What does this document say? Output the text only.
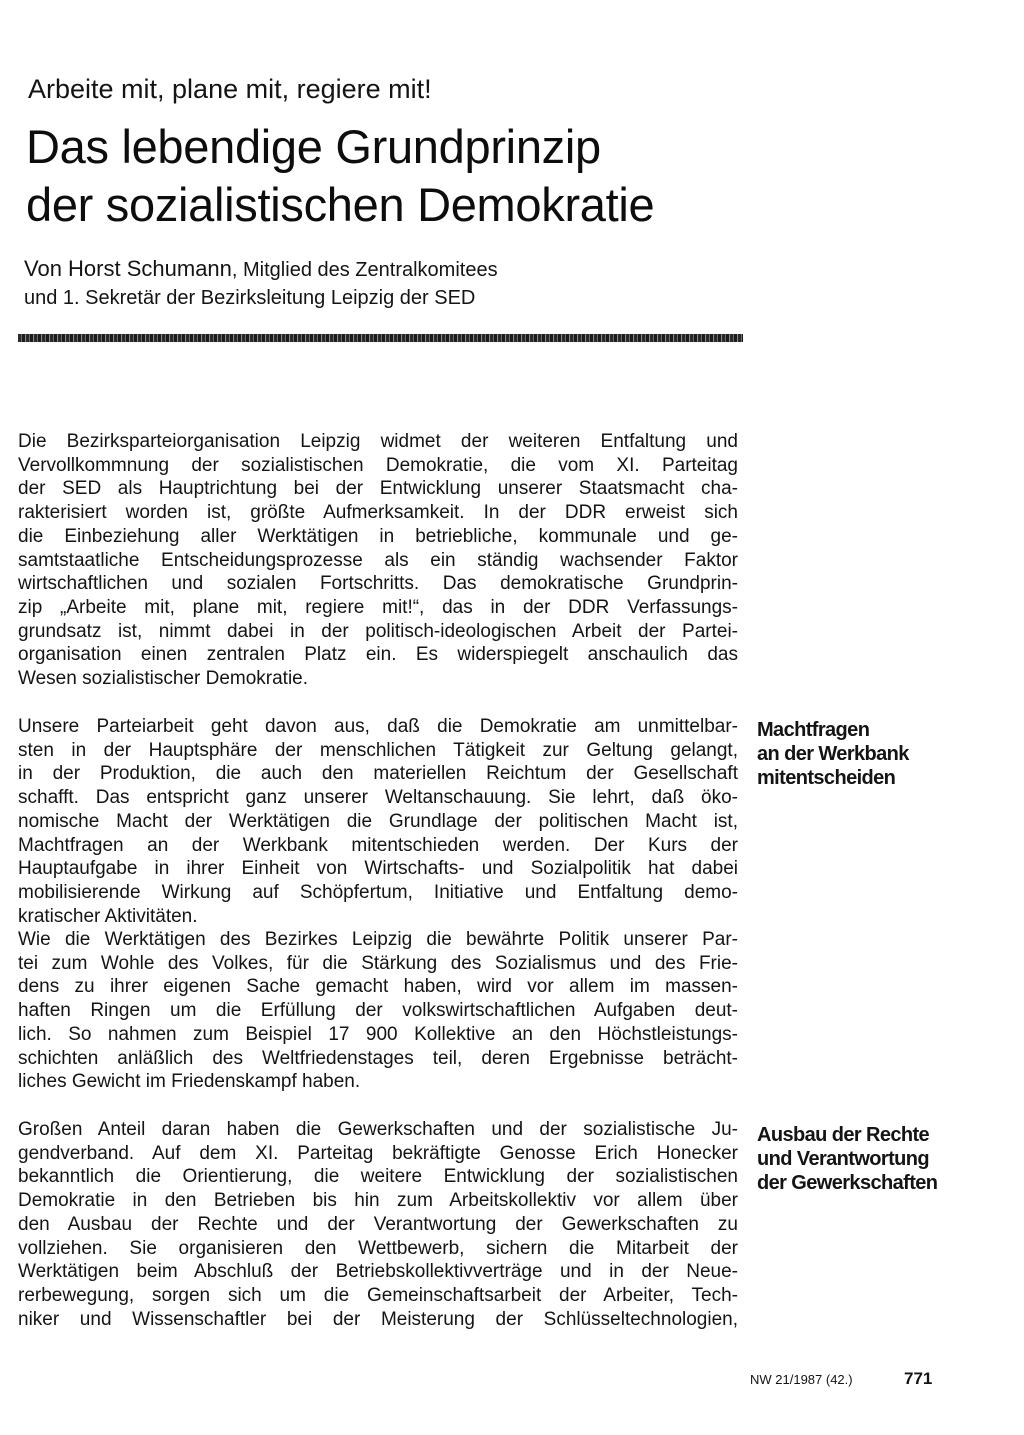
Arbeite mit, plane mit, regiere mit!
Das lebendige Grundprinzip
der sozialistischen Demokratie
Von Horst Schumann, Mitglied des Zentralkomitees
und 1. Sekretär der Bezirksleitung Leipzig der SED

Die Bezirksparteiorganisation Leipzig widmet der weiteren Entfaltung und
Vervollkommnung der sozialistischen Demokratie, die vom XI. Parteitag
der SED als Hauptrichtung bei der Entwicklung unserer Staatsmacht cha-
rakterisiert worden ist, größte Aufmerksamkeit. In der DDR erweist sich
die Einbeziehung aller Werktätigen in betriebliche, kommunale und ge-
samtstaatliche Entscheidungsprozesse als ein ständig wachsender Faktor
wirtschaftlichen und sozialen Fortschritts. Das demokratische Grundprin-
zip „Arbeite mit, plane mit, regiere mit!“, das in der DDR Verfassungs-
grundsatz ist, nimmt dabei in der politisch-ideologischen Arbeit der Partei-
organisation einen zentralen Platz ein. Es widerspiegelt anschaulich das
Wesen sozialistischer Demokratie.

Unsere Parteiarbeit geht davon aus, daß die Demokratie am unmittelbar-
sten in der Hauptsphäre der menschlichen Tätigkeit zur Geltung gelangt,
in der Produktion, die auch den materiellen Reichtum der Gesellschaft
schafft. Das entspricht ganz unserer Weltanschauung. Sie lehrt, daß öko-
nomische Macht der Werktätigen die Grundlage der politischen Macht ist,
Machtfragen an der Werkbank mitentschieden werden. Der Kurs der
Hauptaufgabe in ihrer Einheit von Wirtschafts- und Sozialpolitik hat dabei
mobilisierende Wirkung auf Schöpfertum, Initiative und Entfaltung demo-
kratischer Aktivitäten.

Wie die Werktätigen des Bezirkes Leipzig die bewährte Politik unserer Par-
tei zum Wohle des Volkes, für die Stärkung des Sozialismus und des Frie-
dens zu ihrer eigenen Sache gemacht haben, wird vor allem im massen-
haften Ringen um die Erfüllung der volkswirtschaftlichen Aufgaben deut-
lich. So nahmen zum Beispiel 17 900 Kollektive an den Höchstleistungs-
schichten anläßlich des Weltfriedenstages teil, deren Ergebnisse beträcht-
liches Gewicht im Friedenskampf haben.

Großen Anteil daran haben die Gewerkschaften und der sozialistische Ju-
gendverband. Auf dem XI. Parteitag bekräftigte Genosse Erich Honecker
bekanntlich die Orientierung, die weitere Entwicklung der sozialistischen
Demokratie in den Betrieben bis hin zum Arbeitskollektiv vor allem über
den Ausbau der Rechte und der Verantwortung der Gewerkschaften zu
vollziehen. Sie organisieren den Wettbewerb, sichern die Mitarbeit der
Werktätigen beim Abschluß der Betriebskollektivverträge und in der Neue-
rerbewegung, sorgen sich um die Gemeinschaftsarbeit der Arbeiter, Tech-
niker und Wissenschaftler bei der Meisterung der Schlüsseltechnologien,

Machtfragen
an der Werkbank
mitentscheiden
Ausbau der Rechte
und Verantwortung
der Gewerkschaften
NW 21/1987 (42.)	771
